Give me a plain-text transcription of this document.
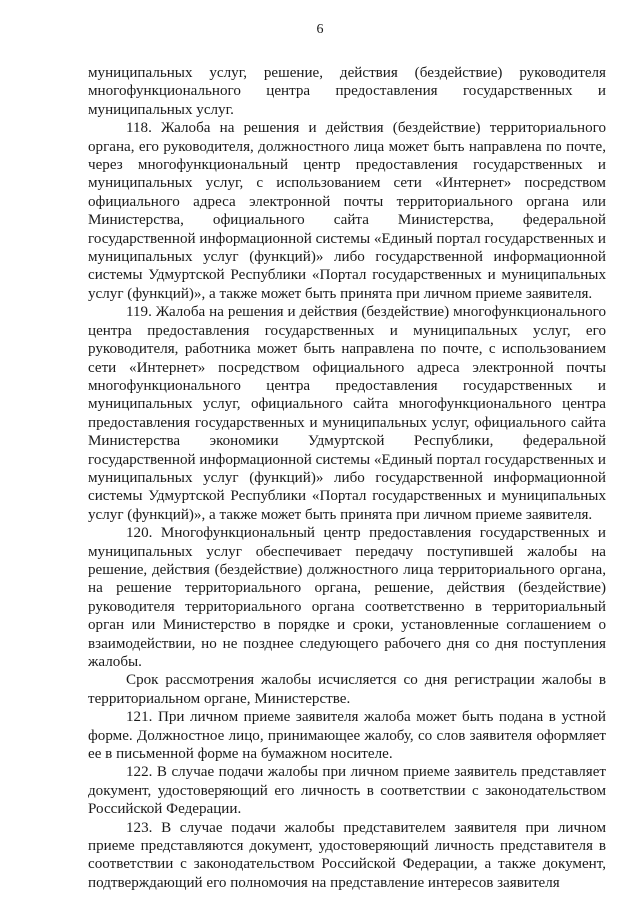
6

муниципальных услуг, решение, действия (бездействие) руководителя многофункционального центра предоставления государственных и муниципальных услуг.

118. Жалоба на решения и действия (бездействие) территориального органа, его руководителя, должностного лица может быть направлена по почте, через многофункциональный центр предоставления государственных и муниципальных услуг, с использованием сети «Интернет» посредством официального адреса электронной почты территориального органа или Министерства, официального сайта Министерства, федеральной государственной информационной системы «Единый портал государственных и муниципальных услуг (функций)» либо государственной информационной системы Удмуртской Республики «Портал государственных и муниципальных услуг (функций)», а также может быть принята при личном приеме заявителя.

119. Жалоба на решения и действия (бездействие) многофункционального центра предоставления государственных и муниципальных услуг, его руководителя, работника может быть направлена по почте, с использованием сети «Интернет» посредством официального адреса электронной почты многофункционального центра предоставления государственных и муниципальных услуг, официального сайта многофункционального центра предоставления государственных и муниципальных услуг, официального сайта Министерства экономики Удмуртской Республики, федеральной государственной информационной системы «Единый портал государственных и муниципальных услуг (функций)» либо государственной информационной системы Удмуртской Республики «Портал государственных и муниципальных услуг (функций)», а также может быть принята при личном приеме заявителя.

120. Многофункциональный центр предоставления государственных и муниципальных услуг обеспечивает передачу поступившей жалобы на решение, действия (бездействие) должностного лица территориального органа, на решение территориального органа, решение, действия (бездействие) руководителя территориального органа соответственно в территориальный орган или Министерство в порядке и сроки, установленные соглашением о взаимодействии, но не позднее следующего рабочего дня со дня поступления жалобы.

Срок рассмотрения жалобы исчисляется со дня регистрации жалобы в территориальном органе, Министерстве.

121. При личном приеме заявителя жалоба может быть подана в устной форме. Должностное лицо, принимающее жалобу, со слов заявителя оформляет ее в письменной форме на бумажном носителе.

122. В случае подачи жалобы при личном приеме заявитель представляет документ, удостоверяющий его личность в соответствии с законодательством Российской Федерации.

123. В случае подачи жалобы представителем заявителя при личном приеме представляются документ, удостоверяющий личность представителя в соответствии с законодательством Российской Федерации, а также документ, подтверждающий его полномочия на представление интересов заявителя
